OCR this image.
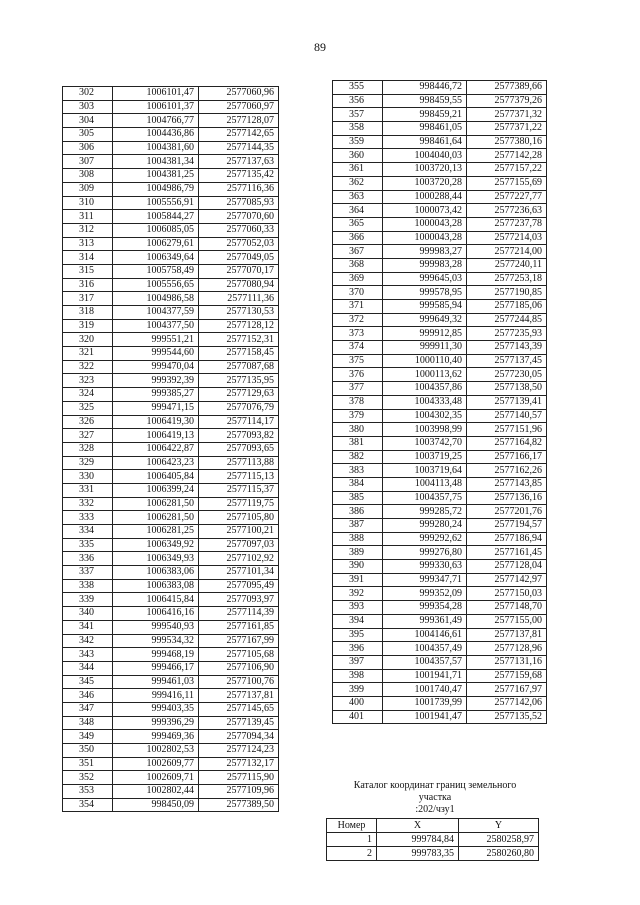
89
302	1006101,47	2577060,96
303	1006101,37	2577060,97
304	1004766,77	2577128,07
305	1004436,86	2577142,65
306	1004381,60	2577144,35
307	1004381,34	2577137,63
308	1004381,25	2577135,42
309	1004986,79	2577116,36
310	1005556,91	2577085,93
311	1005844,27	2577070,60
312	1006085,05	2577060,33
313	1006279,61	2577052,03
314	1006349,64	2577049,05
315	1005758,49	2577070,17
316	1005556,65	2577080,94
317	1004986,58	2577111,36
318	1004377,59	2577130,53
319	1004377,50	2577128,12
320	999551,21	2577152,31
321	999544,60	2577158,45
322	999470,04	2577087,68
323	999392,39	2577135,95
324	999385,27	2577129,63
325	999471,15	2577076,79
326	1006419,30	2577114,17
327	1006419,13	2577093,82
328	1006422,87	2577093,65
329	1006423,23	2577113,88
330	1006405,84	2577115,13
331	1006399,24	2577115,37
332	1006281,50	2577119,75
333	1006281,50	2577105,80
334	1006281,25	2577100,21
335	1006349,92	2577097,03
336	1006349,93	2577102,92
337	1006383,06	2577101,34
338	1006383,08	2577095,49
339	1006415,84	2577093,97
340	1006416,16	2577114,39
341	999540,93	2577161,85
342	999534,32	2577167,99
343	999468,19	2577105,68
344	999466,17	2577106,90
345	999461,03	2577100,76
346	999416,11	2577137,81
347	999403,35	2577145,65
348	999396,29	2577139,45
349	999469,36	2577094,34
350	1002802,53	2577124,23
351	1002609,77	2577132,17
352	1002609,71	2577115,90
353	1002802,44	2577109,96
354	998450,09	2577389,50
355	998446,72	2577389,66
356	998459,55	2577379,26
357	998459,21	2577371,32
358	998461,05	2577371,22
359	998461,64	2577380,16
360	1004040,03	2577142,28
361	1003720,13	2577157,22
362	1003720,28	2577155,69
363	1000288,44	2577227,77
364	1000073,42	2577236,63
365	1000043,28	2577237,78
366	1000043,28	2577214,03
367	999983,27	2577214,00
368	999983,28	2577240,11
369	999645,03	2577253,18
370	999578,95	2577190,85
371	999585,94	2577185,06
372	999649,32	2577244,85
373	999912,85	2577235,93
374	999911,30	2577143,39
375	1000110,40	2577137,45
376	1000113,62	2577230,05
377	1004357,86	2577138,50
378	1004333,48	2577139,41
379	1004302,35	2577140,57
380	1003998,99	2577151,96
381	1003742,70	2577164,82
382	1003719,25	2577166,17
383	1003719,64	2577162,26
384	1004113,48	2577143,85
385	1004357,75	2577136,16
386	999285,72	2577201,76
387	999280,24	2577194,57
388	999292,62	2577186,94
389	999276,80	2577161,45
390	999330,63	2577128,04
391	999347,71	2577142,97
392	999352,09	2577150,03
393	999354,28	2577148,70
394	999361,49	2577155,00
395	1004146,61	2577137,81
396	1004357,49	2577128,96
397	1004357,57	2577131,16
398	1001941,71	2577159,68
399	1001740,47	2577167,97
400	1001739,99	2577142,06
401	1001941,47	2577135,52
Каталог координат границ земельного
участка
:202/чзу1
Номер	X	Y
1	999784,84	2580258,97
2	999783,35	2580260,80
